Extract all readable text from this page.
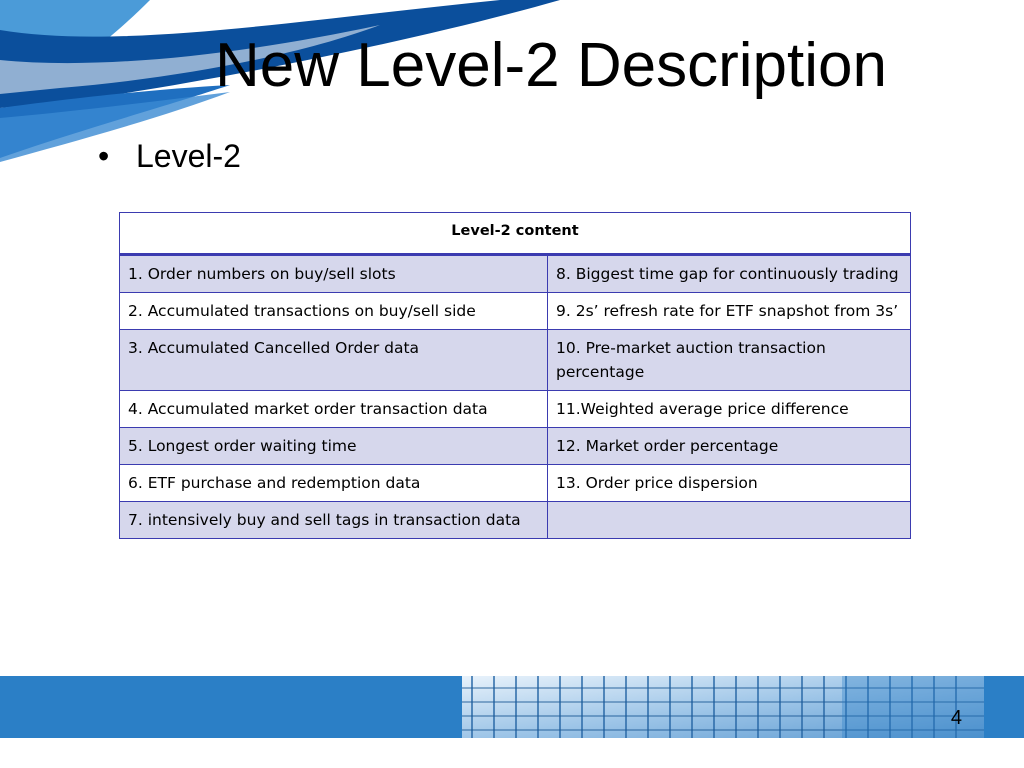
New Level-2 Description
• Level-2
Level-2 content	
1. Order numbers on buy/sell slots	8. Biggest time gap for continuously trading
2. Accumulated transactions on buy/sell side	9. 2s’ refresh rate for ETF snapshot from 3s’
3. Accumulated Cancelled Order data	10. Pre-market auction transaction percentage
4. Accumulated market order transaction data	11.Weighted average price difference
5. Longest order waiting time	12. Market order percentage
6. ETF purchase and redemption data	13. Order price dispersion
7. intensively buy and sell tags in transaction data	
4
